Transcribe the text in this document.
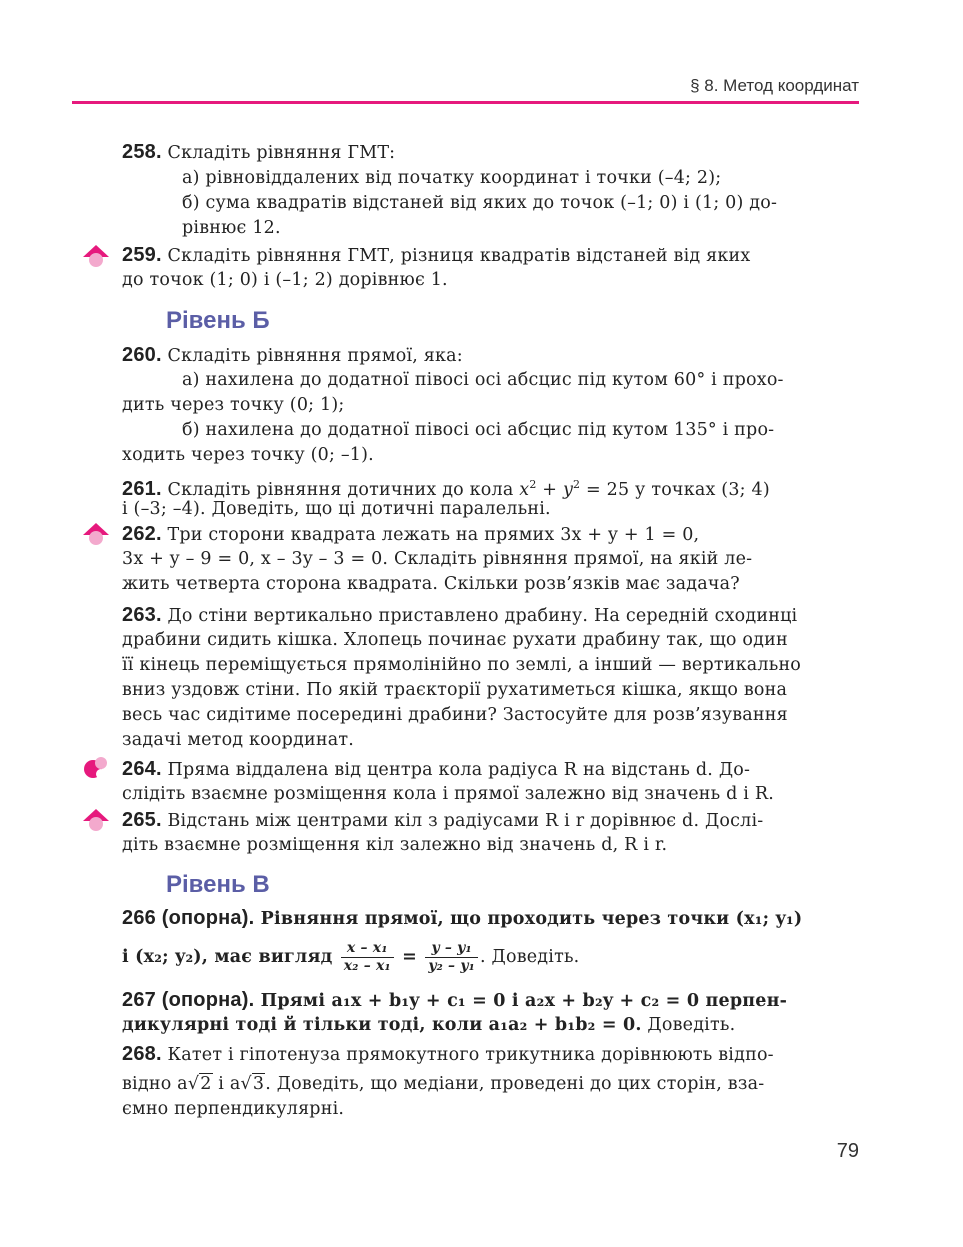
§ 8. Метод координат
258. Складіть рівняння ГМТ:
а) рівновіддалених від початку координат і точки (–4; 2);
б) сума квадратів відстаней від яких до точок (–1; 0) і (1; 0) до-
рівнює 12.
259. Складіть рівняння ГМТ, різниця квадратів відстаней від яких
до точок (1; 0) і (–1; 2) дорівнює 1.
Рівень Б
260. Складіть рівняння прямої, яка:
а) нахилена до додатної півосі осі абсцис під кутом 60° і прохо-
дить через точку (0; 1);
б) нахилена до додатної півосі осі абсцис під кутом 135° і про-
ходить через точку (0; –1).
261. Складіть рівняння дотичних до кола $x^2 + y^2 = 25$ у точках (3; 4)
і (–3; –4). Доведіть, що ці дотичні паралельні.
262. Три сторони квадрата лежать на прямих 3x + y + 1 = 0,
3x + y – 9 = 0, x – 3y – 3 = 0. Складіть рівняння прямої, на якій ле-
жить четверта сторона квадрата. Скільки розв’язків має задача?
263. До стіни вертикально приставлено драбину. На середній сходинці
драбини сидить кішка. Хлопець починає рухати драбину так, що один
її кінець переміщується прямолінійно по землі, а інший — вертикально
вниз уздовж стіни. По якій траєкторії рухатиметься кішка, якщо вона
весь час сидітиме посередині драбини? Застосуйте для розв’язування
задачі метод координат.
264. Пряма віддалена від центра кола радіуса R на відстань d. До-
слідіть взаємне розміщення кола і прямої залежно від значень d і R.
265. Відстань між центрами кіл з радіусами R і r дорівнює d. Дослі-
діть взаємне розміщення кіл залежно від значень d, R і r.
Рівень В
266 (опорна). Рівняння прямої, що проходить через точки (x₁; y₁)
і (x₂; y₂), має вигляд $\frac{\text{x – x₁}}{\text{x₂ – x₁}} = \frac{\text{y – y₁}}{\text{y₂ – y₁}}$ . Доведіть.
267 (опорна). Прямі a₁x + b₁y + c₁ = 0 і a₂x + b₂y + c₂ = 0 перпен-
дикулярні тоді й тільки тоді, коли a₁a₂ + b₁b₂ = 0. Доведіть.
268. Катет і гіпотенуза прямокутного трикутника дорівнюють відпо-
відно a√2 і a√3. Доведіть, що медіани, проведені до цих сторін, вза-
ємно перпендикулярні.
79
